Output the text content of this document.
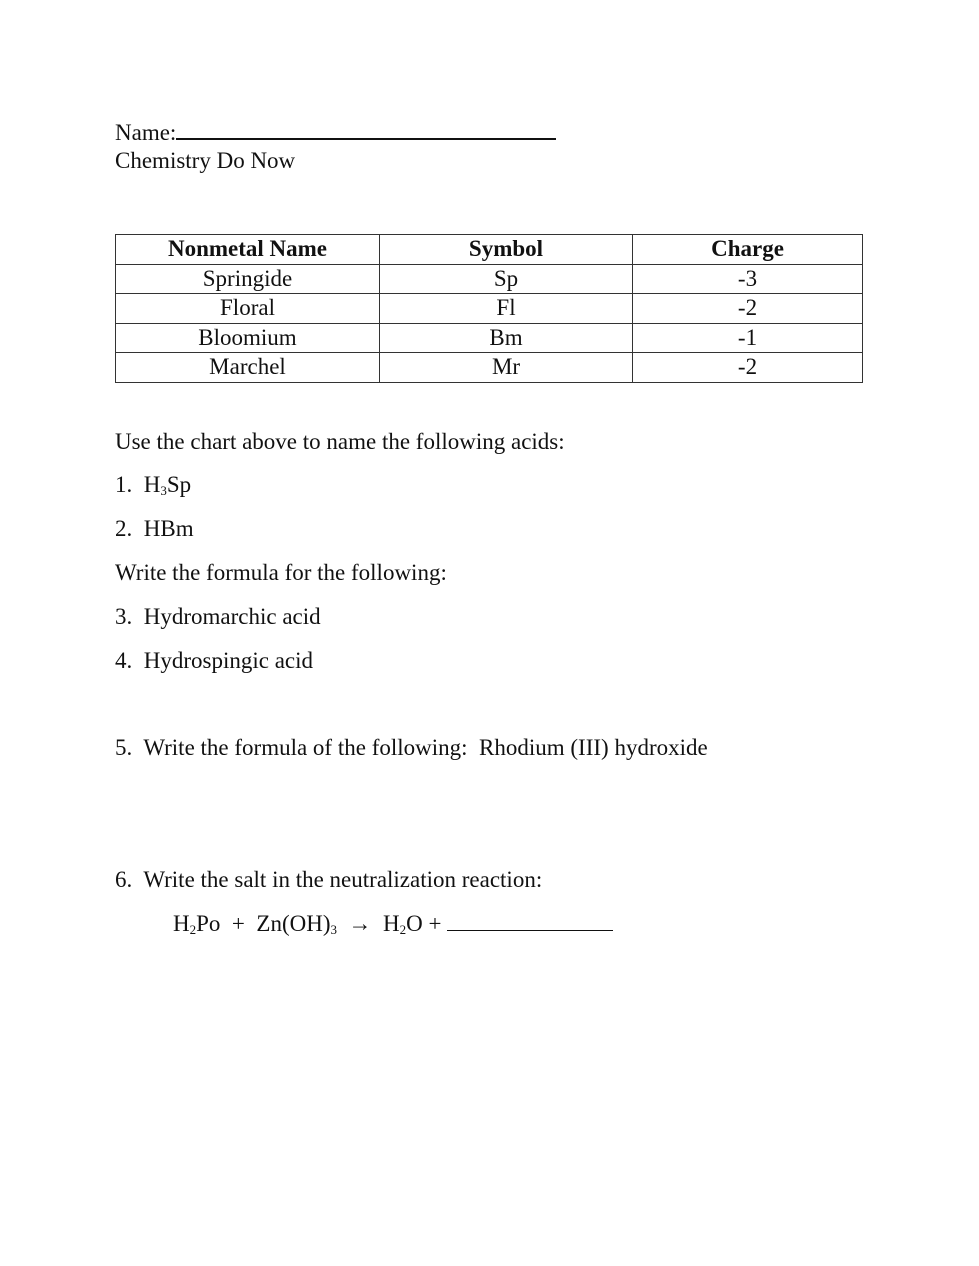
Name:
Chemistry Do Now
Nonmetal Name	Symbol	Charge
Springide	Sp	-3
Floral	Fl	-2
Bloomium	Bm	-1
Marchel	Mr	-2
Use the chart above to name the following acids:
1. $H_3Sp$
2. HBm
Write the formula for the following:
3. Hydromarchic acid
4. Hydrospingic acid
5. Write the formula of the following:  Rhodium (III) hydroxide
6. Write the salt in the neutralization reaction:
$H_2Po + Zn(OH)_3 \to H_2O$ +
